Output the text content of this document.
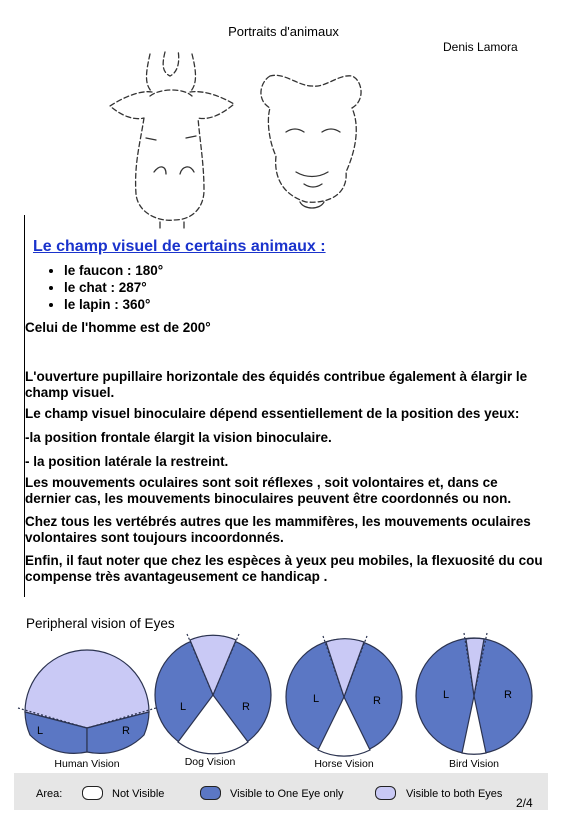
Portraits d'animaux
Denis Lamora
Le champ visuel de certains animaux :
• le faucon : 180°
• le chat : 287°
• le lapin : 360°

Celui de l'homme est de 200°

L'ouverture pupillaire horizontale des équidés contribue également à élargir le champ visuel.

Le champ visuel binoculaire dépend essentiellement de la position des yeux:

-la position frontale élargit la vision binoculaire.

- la position latérale la restreint.

Les mouvements oculaires sont soit réflexes , soit volontaires et, dans ce dernier cas, les mouvements binoculaires peuvent être coordonnés ou non.

Chez tous les vertébrés autres que les mammifères, les mouvements oculaires volontaires sont toujours incoordonnés.

Enfin, il faut noter que chez les espèces à yeux peu mobiles, la flexuosité du cou compense très avantageusement ce handicap .

Peripheral vision of Eyes
L	R
L	R
L	R	L	R
Human Vision	Dog Vision	Horse Vision	Bird Vision
Area:	Not Visible	Visible to One Eye only	Visible to both Eyes
2/4
